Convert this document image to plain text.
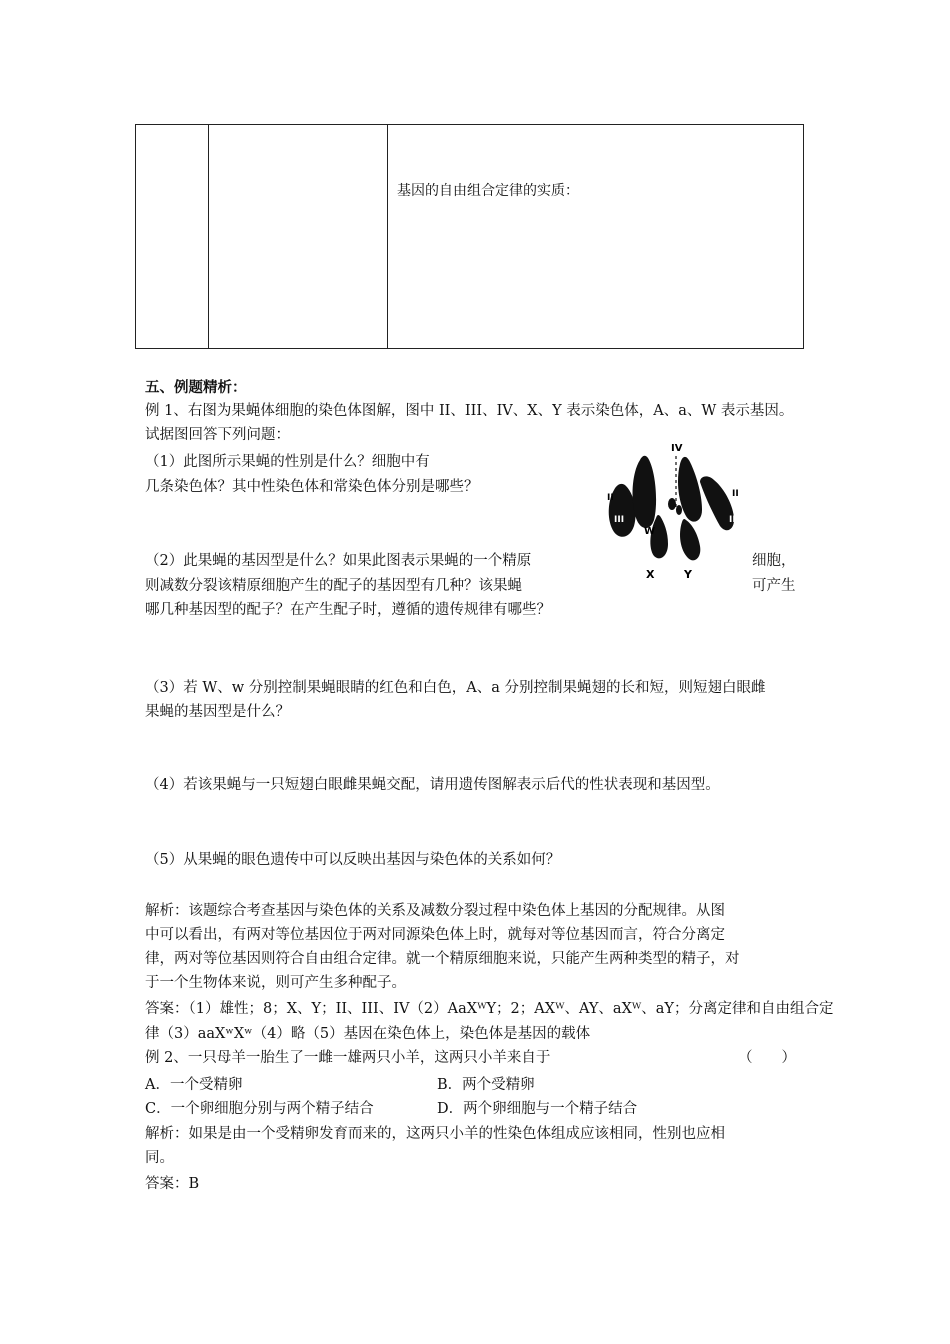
基因的自由组合定律的实质：
五、例题精析：
例 1、右图为果蝇体细胞的染色体图解，图中 II、III、IV、X、Y 表示染色体，A、a、W 表示基因。
试据图回答下列问题：
（1）此图所示果蝇的性别是什么？细胞中有
几条染色体？其中性染色体和常染色体分别是哪些？
（2）此果蝇的基因型是什么？如果此图表示果蝇的一个精原	细胞，
则减数分裂该精原细胞产生的配子的基因型有几种？该果蝇	可产生
哪几种基因型的配子？在产生配子时，遵循的遗传规律有哪些？
（3）若 W、w 分别控制果蝇眼睛的红色和白色，A、a 分别控制果蝇翅的长和短，则短翅白眼雌
果蝇的基因型是什么？
（4）若该果蝇与一只短翅白眼雌果蝇交配，请用遗传图解表示后代的性状表现和基因型。
（5）从果蝇的眼色遗传中可以反映出基因与染色体的关系如何？
解析：该题综合考查基因与染色体的关系及减数分裂过程中染色体上基因的分配规律。从图
中可以看出，有两对等位基因位于两对同源染色体上时，就每对等位基因而言，符合分离定
律，两对等位基因则符合自由组合定律。就一个精原细胞来说，只能产生两种类型的精子，对
于一个生物体来说，则可产生多种配子。
答案：（1）雄性；8；X、Y；II、III、IV（2）AaXᵂY；2；AXᵂ、AY、aXᵂ、aY；分离定律和自由组合定
律（3）aaXʷXʷ（4）略（5）基因在染色体上，染色体是基因的载体
例 2、一只母羊一胎生了一雌一雄两只小羊，这两只小羊来自于	（　　）
A．一个受精卵	B．两个受精卵
C．一个卵细胞分别与两个精子结合	D．两个卵细胞与一个精子结合
解析：如果是由一个受精卵发育而来的，这两只小羊的性染色体组成应该相同，性别也应相
同。
答案：B
IV
II
A
a
III
W
X	Y
II
III
